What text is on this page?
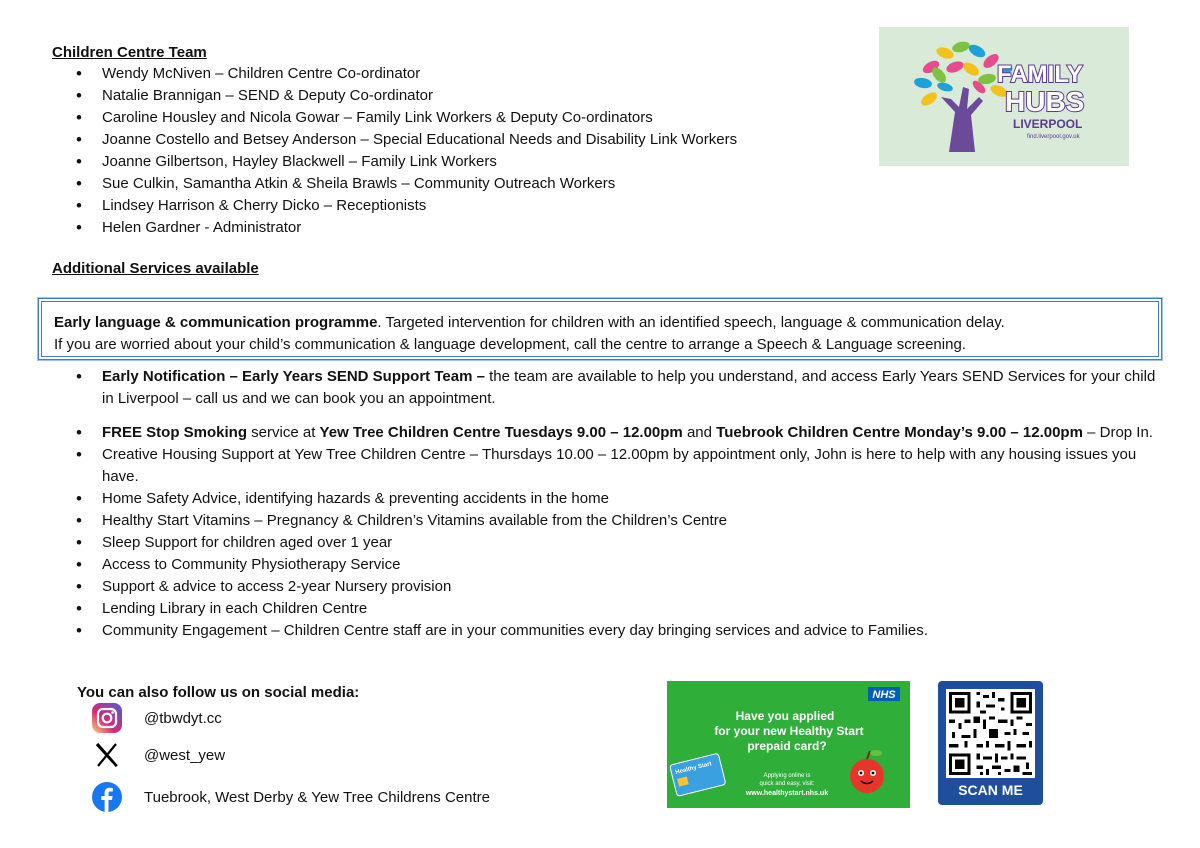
Children Centre Team
• Wendy McNiven – Children Centre Co-ordinator
• Natalie Brannigan – SEND & Deputy Co-ordinator
• Caroline Housley and Nicola Gowar – Family Link Workers & Deputy Co-ordinators
• Joanne Costello and Betsey Anderson – Special Educational Needs and Disability Link Workers
• Joanne Gilbertson, Hayley Blackwell – Family Link Workers
• Sue Culkin, Samantha Atkin & Sheila Brawls – Community Outreach Workers
• Lindsey Harrison & Cherry Dicko – Receptionists
• Helen Gardner - Administrator
FAMILY
HUBS
LIVERPOOL
find.liverpool.gov.uk
Additional Services available
Early language & communication programme. Targeted intervention for children with an identified speech, language & communication delay.
If you are worried about your child’s communication & language development, call the centre to arrange a Speech & Language screening.
• Early Notification – Early Years SEND Support Team – the team are available to help you understand, and access Early Years SEND Services for your child in Liverpool – call us and we can book you an appointment.
• FREE Stop Smoking service at Yew Tree Children Centre Tuesdays 9.00 – 12.00pm and Tuebrook Children Centre Monday’s 9.00 – 12.00pm – Drop In.
• Creative Housing Support at Yew Tree Children Centre – Thursdays 10.00 – 12.00pm by appointment only, John is here to help with any housing issues you have.
• Home Safety Advice, identifying hazards & preventing accidents in the home
• Healthy Start Vitamins – Pregnancy & Children’s Vitamins available from the Children’s Centre
• Sleep Support for children aged over 1 year
• Access to Community Physiotherapy Service
• Support & advice to access 2-year Nursery provision
• Lending Library in each Children Centre
• Community Engagement – Children Centre staff are in your communities every day bringing services and advice to Families.

You can also follow us on social media:

@tbwdyt.cc
@west_yew
Tuebrook, West Derby & Yew Tree Childrens Centre
NHS
Have you applied
for your new Healthy Start
prepaid card?
Applying online is
quick and easy, visit:
www.healthystart.nhs.uk
Healthy Start
SCAN ME
